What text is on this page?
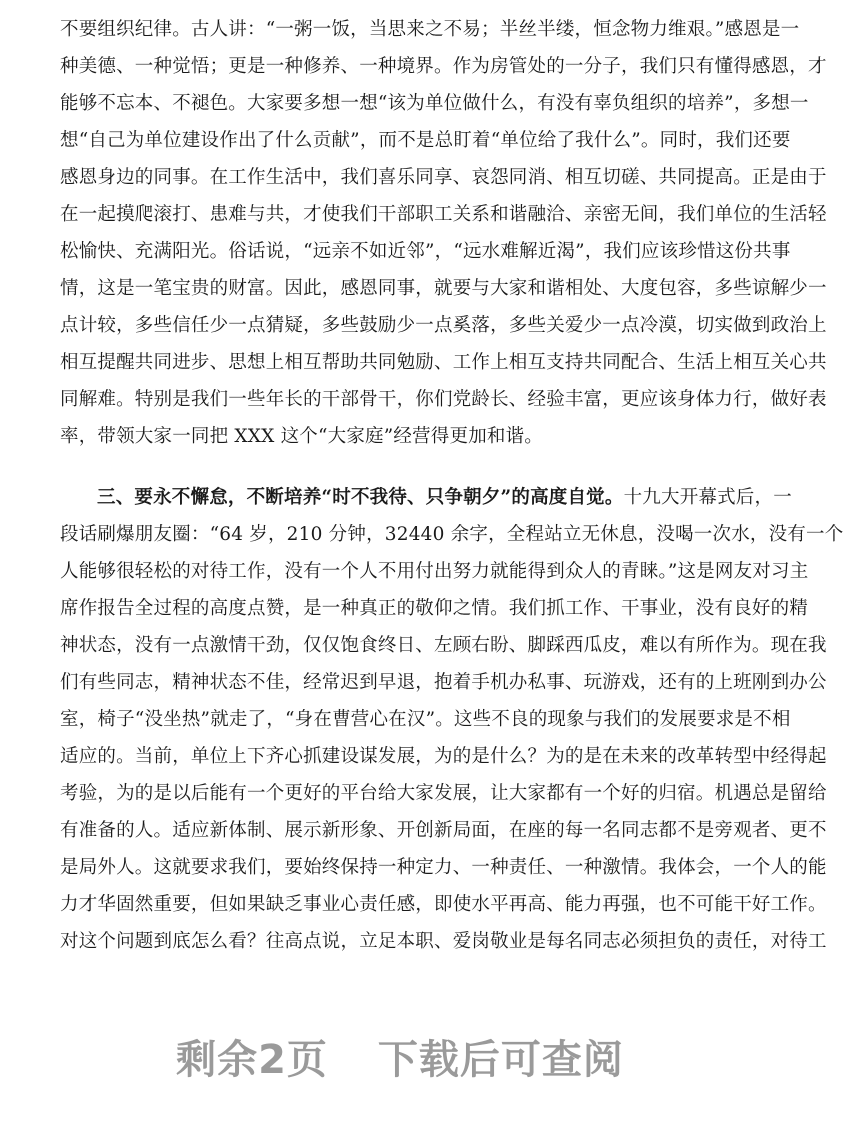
不要组织纪律。古人讲：“一粥一饭，当思来之不易；半丝半缕，恒念物力维艰。”感恩是一
种美德、一种觉悟；更是一种修养、一种境界。作为房管处的一分子，我们只有懂得感恩，才
能够不忘本、不褪色。大家要多想一想“该为单位做什么，有没有辜负组织的培养”，多想一
想“自己为单位建设作出了什么贡献”，而不是总盯着“单位给了我什么”。同时，我们还要
感恩身边的同事。在工作生活中，我们喜乐同享、哀怨同消、相互切磋、共同提高。正是由于
在一起摸爬滚打、患难与共，才使我们干部职工关系和谐融洽、亲密无间，我们单位的生活轻
松愉快、充满阳光。俗话说，“远亲不如近邻”，“远水难解近渴”，我们应该珍惜这份共事
情，这是一笔宝贵的财富。因此，感恩同事，就要与大家和谐相处、大度包容，多些谅解少一
点计较，多些信任少一点猜疑，多些鼓励少一点奚落，多些关爱少一点冷漠，切实做到政治上
相互提醒共同进步、思想上相互帮助共同勉励、工作上相互支持共同配合、生活上相互关心共
同解难。特别是我们一些年长的干部骨干，你们党龄长、经验丰富，更应该身体力行，做好表
率，带领大家一同把 XXX 这个“大家庭”经营得更加和谐。
三、要永不懈怠，不断培养“时不我待、只争朝夕”的高度自觉。十九大开幕式后，一
段话刷爆朋友圈：“64 岁，210 分钟，32440 余字，全程站立无休息，没喝一次水，没有一个
人能够很轻松的对待工作，没有一个人不用付出努力就能得到众人的青睐。”这是网友对习主
席作报告全过程的高度点赞，是一种真正的敬仰之情。我们抓工作、干事业，没有良好的精
神状态，没有一点激情干劲，仅仅饱食终日、左顾右盼、脚踩西瓜皮，难以有所作为。现在我
们有些同志，精神状态不佳，经常迟到早退，抱着手机办私事、玩游戏，还有的上班刚到办公
室，椅子“没坐热”就走了，“身在曹营心在汉”。这些不良的现象与我们的发展要求是不相
适应的。当前，单位上下齐心抓建设谋发展，为的是什么？为的是在未来的改革转型中经得起
考验，为的是以后能有一个更好的平台给大家发展，让大家都有一个好的归宿。机遇总是留给
有准备的人。适应新体制、展示新形象、开创新局面，在座的每一名同志都不是旁观者、更不
是局外人。这就要求我们，要始终保持一种定力、一种责任、一种激情。我体会，一个人的能
力才华固然重要，但如果缺乏事业心责任感，即使水平再高、能力再强，也不可能干好工作。
对这个问题到底怎么看？往高点说，立足本职、爱岗敬业是每名同志必须担负的责任，对待工
剩余2页 下载后可查阅
